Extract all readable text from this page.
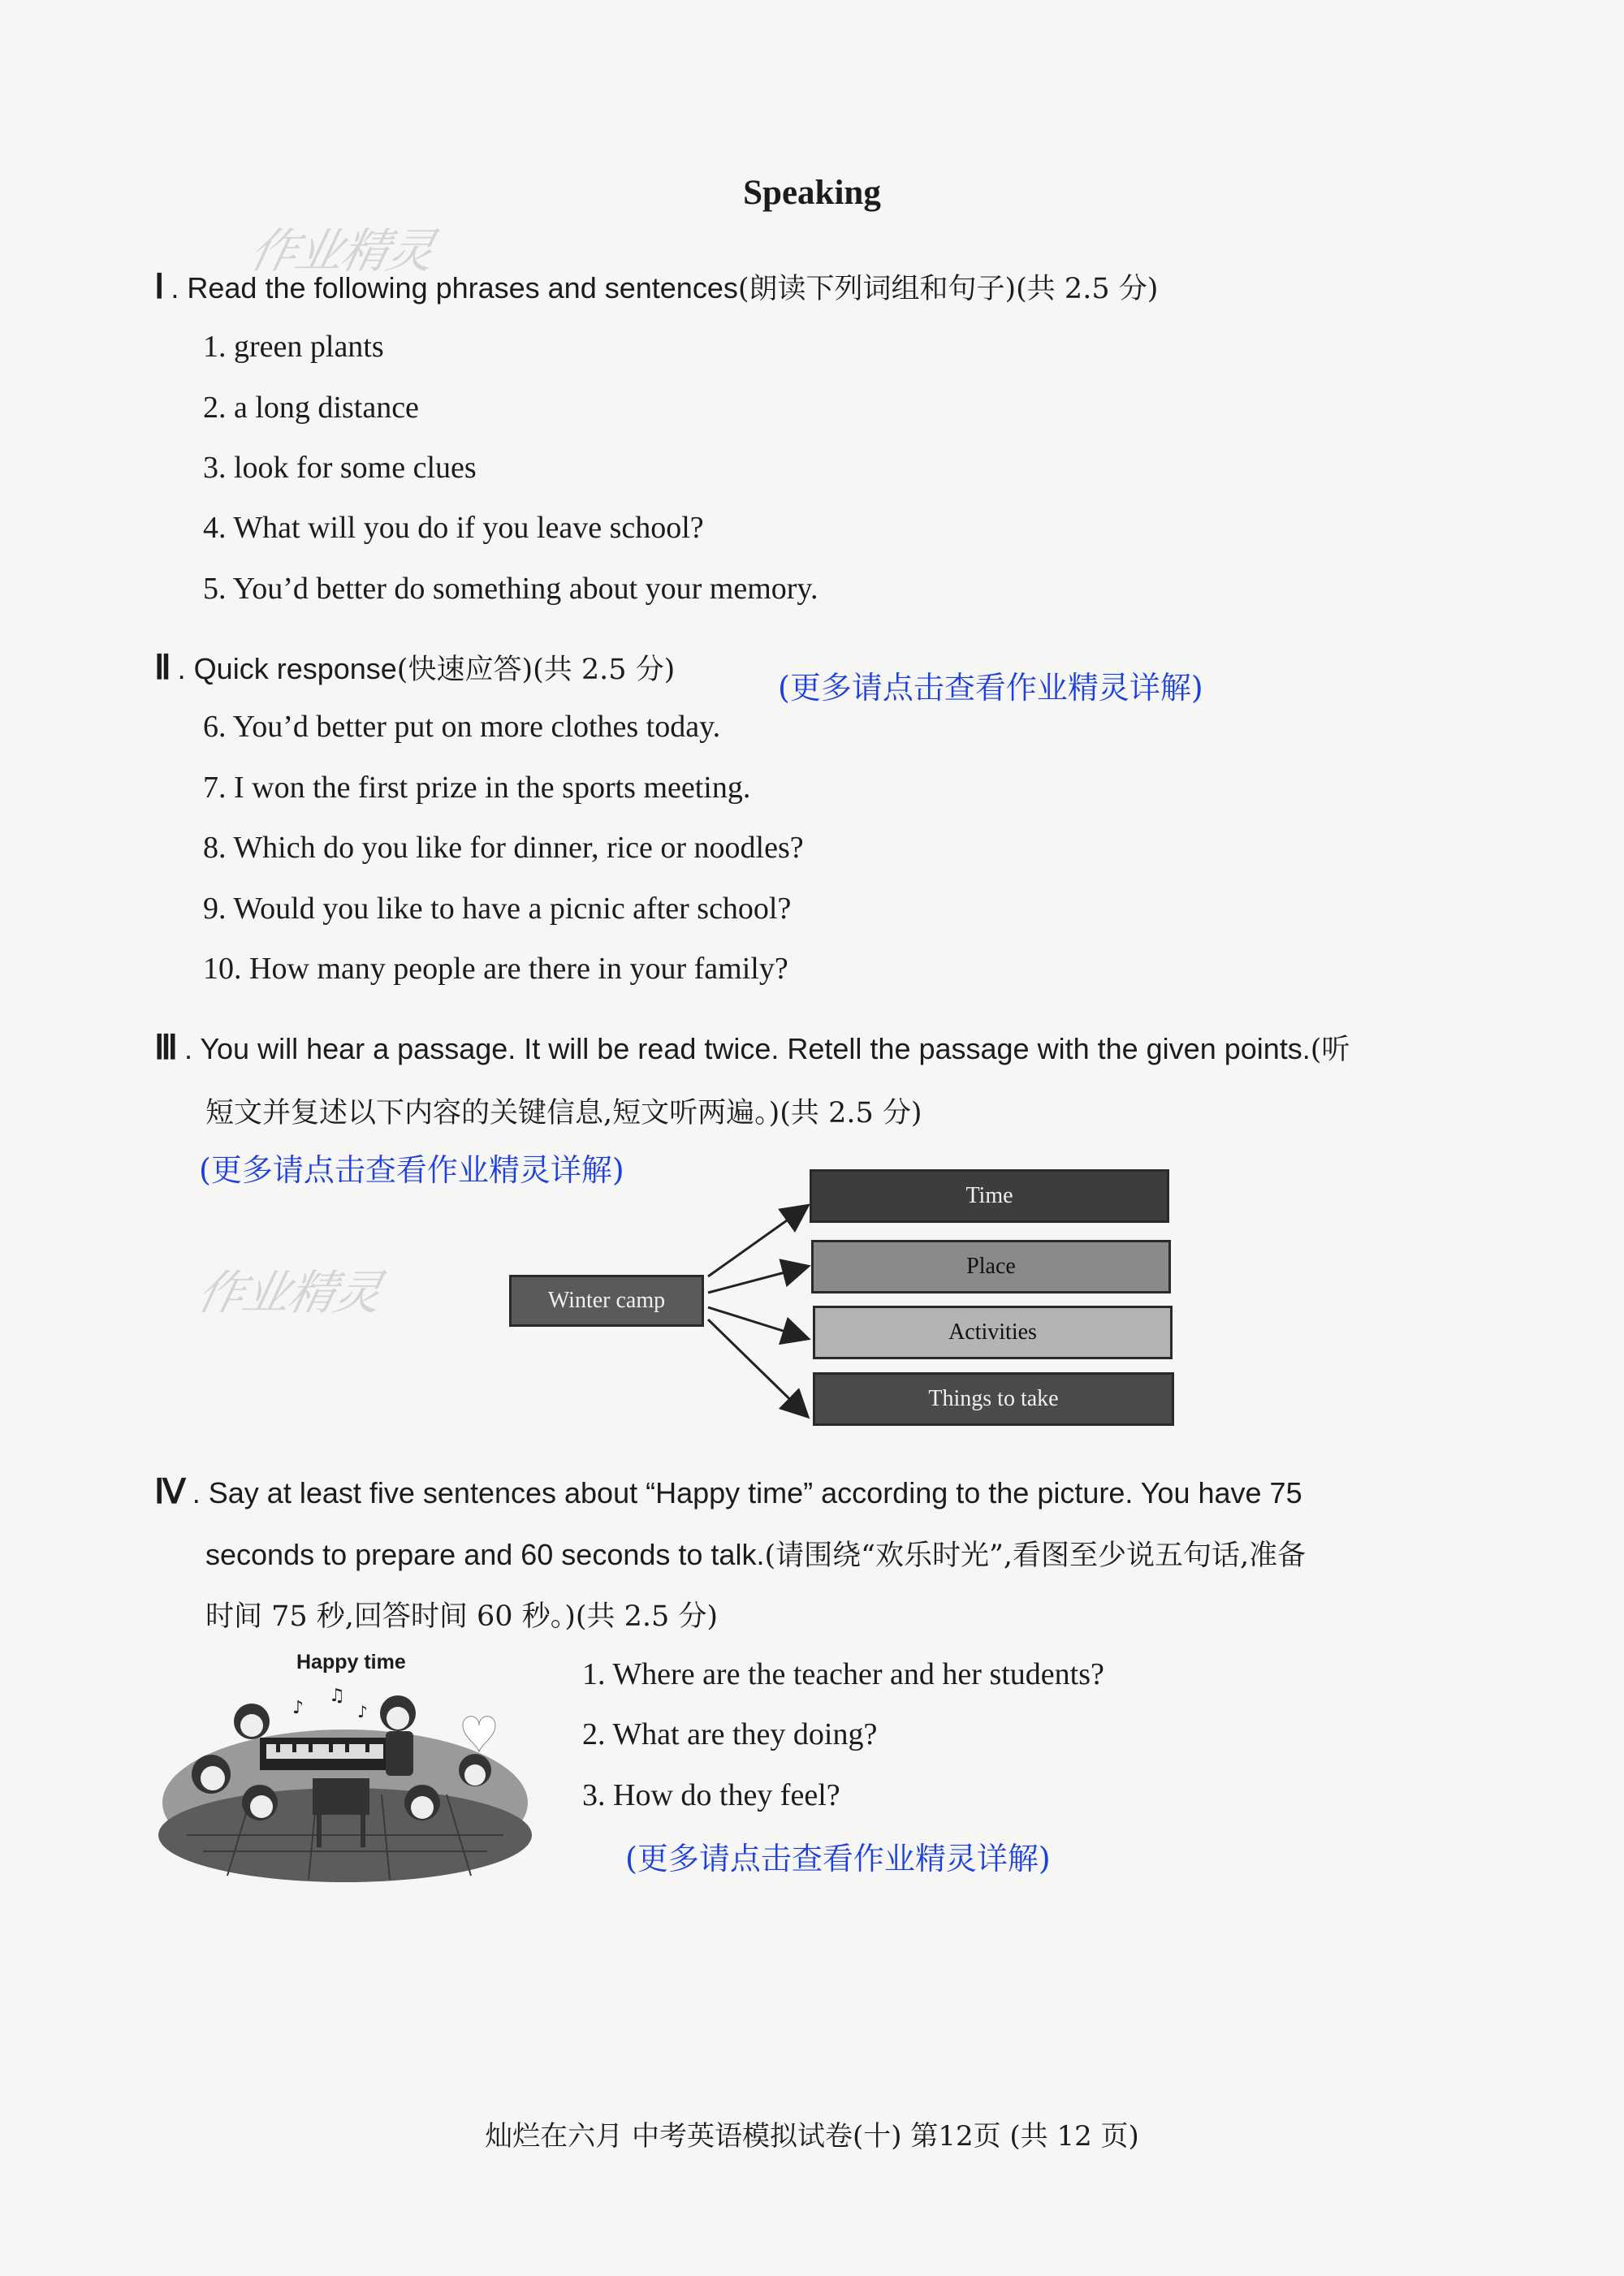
Speaking
作业精灵
作业精灵
Ⅰ . Read the following phrases and sentences(朗读下列词组和句子)(共 2.5 分)
1. green plants
2. a long distance
3. look for some clues
4. What will you do if you leave school?
5. You’d better do something about your memory.
Ⅱ . Quick response(快速应答)(共 2.5 分)	(更多请点击查看作业精灵详解)
6. You’d better put on more clothes today.
7. I won the first prize in the sports meeting.
8. Which do you like for dinner, rice or noodles?
9. Would you like to have a picnic after school?
10. How many people are there in your family?
Ⅲ . You will hear a passage. It will be read twice. Retell the passage with the given points.(听
短文并复述以下内容的关键信息,短文听两遍。)(共 2.5 分)
(更多请点击查看作业精灵详解)
Winter camp
Time
Place
Activities
Things to take
Ⅳ . Say at least five sentences about “Happy time” according to the picture. You have 75
seconds to prepare and 60 seconds to talk.(请围绕“欢乐时光”,看图至少说五句话,准备
时间 75 秒,回答时间 60 秒。)(共 2.5 分)
Happy time
♪
♫
♪
1. Where are the teacher and her students?
2. What are they doing?
3. How do they feel?
(更多请点击查看作业精灵详解)
灿烂在六月 中考英语模拟试卷(十) 第12页 (共 12 页)
